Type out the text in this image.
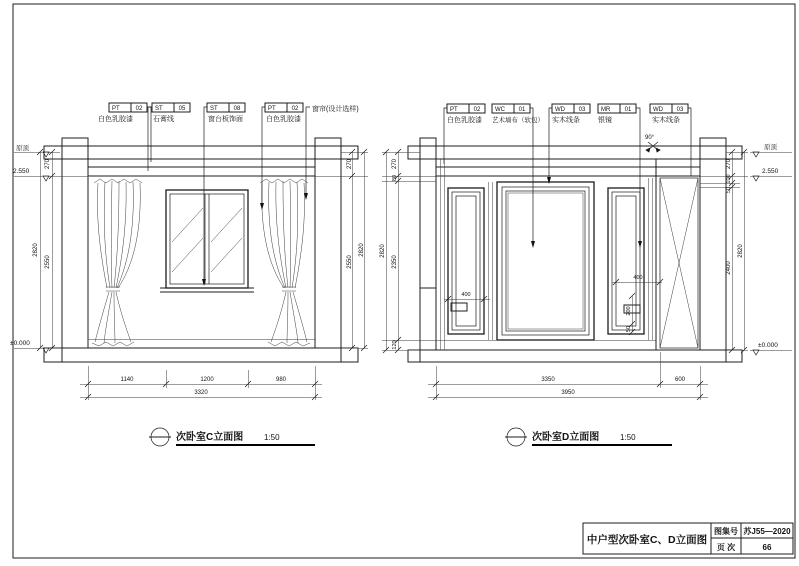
PT	02
白色乳胶漆
ST	05
石膏线
ST	08
窗台板饰面
PT	02
白色乳胶漆
窗帘(设计选样)
原顶
2.550
±0.000
270
2550
2820
270
2550
2820
1140	1200	980
3320
次卧室C立面图	1:50
400
400
200
50
PT	02
白色乳胶漆
WC 01
艺术墙布（软包）
WD 03
实木线条
MR 01
银镜
WD 03
实木线条
90°
270
80
2350
120
2820
270
100
50
2400
2820
原顶
2.550
±0.000
3350	600
3950
次卧室D立面图	1:50
中户型次卧室C、D立面图
图集号 苏J55—2020
页 次	66
